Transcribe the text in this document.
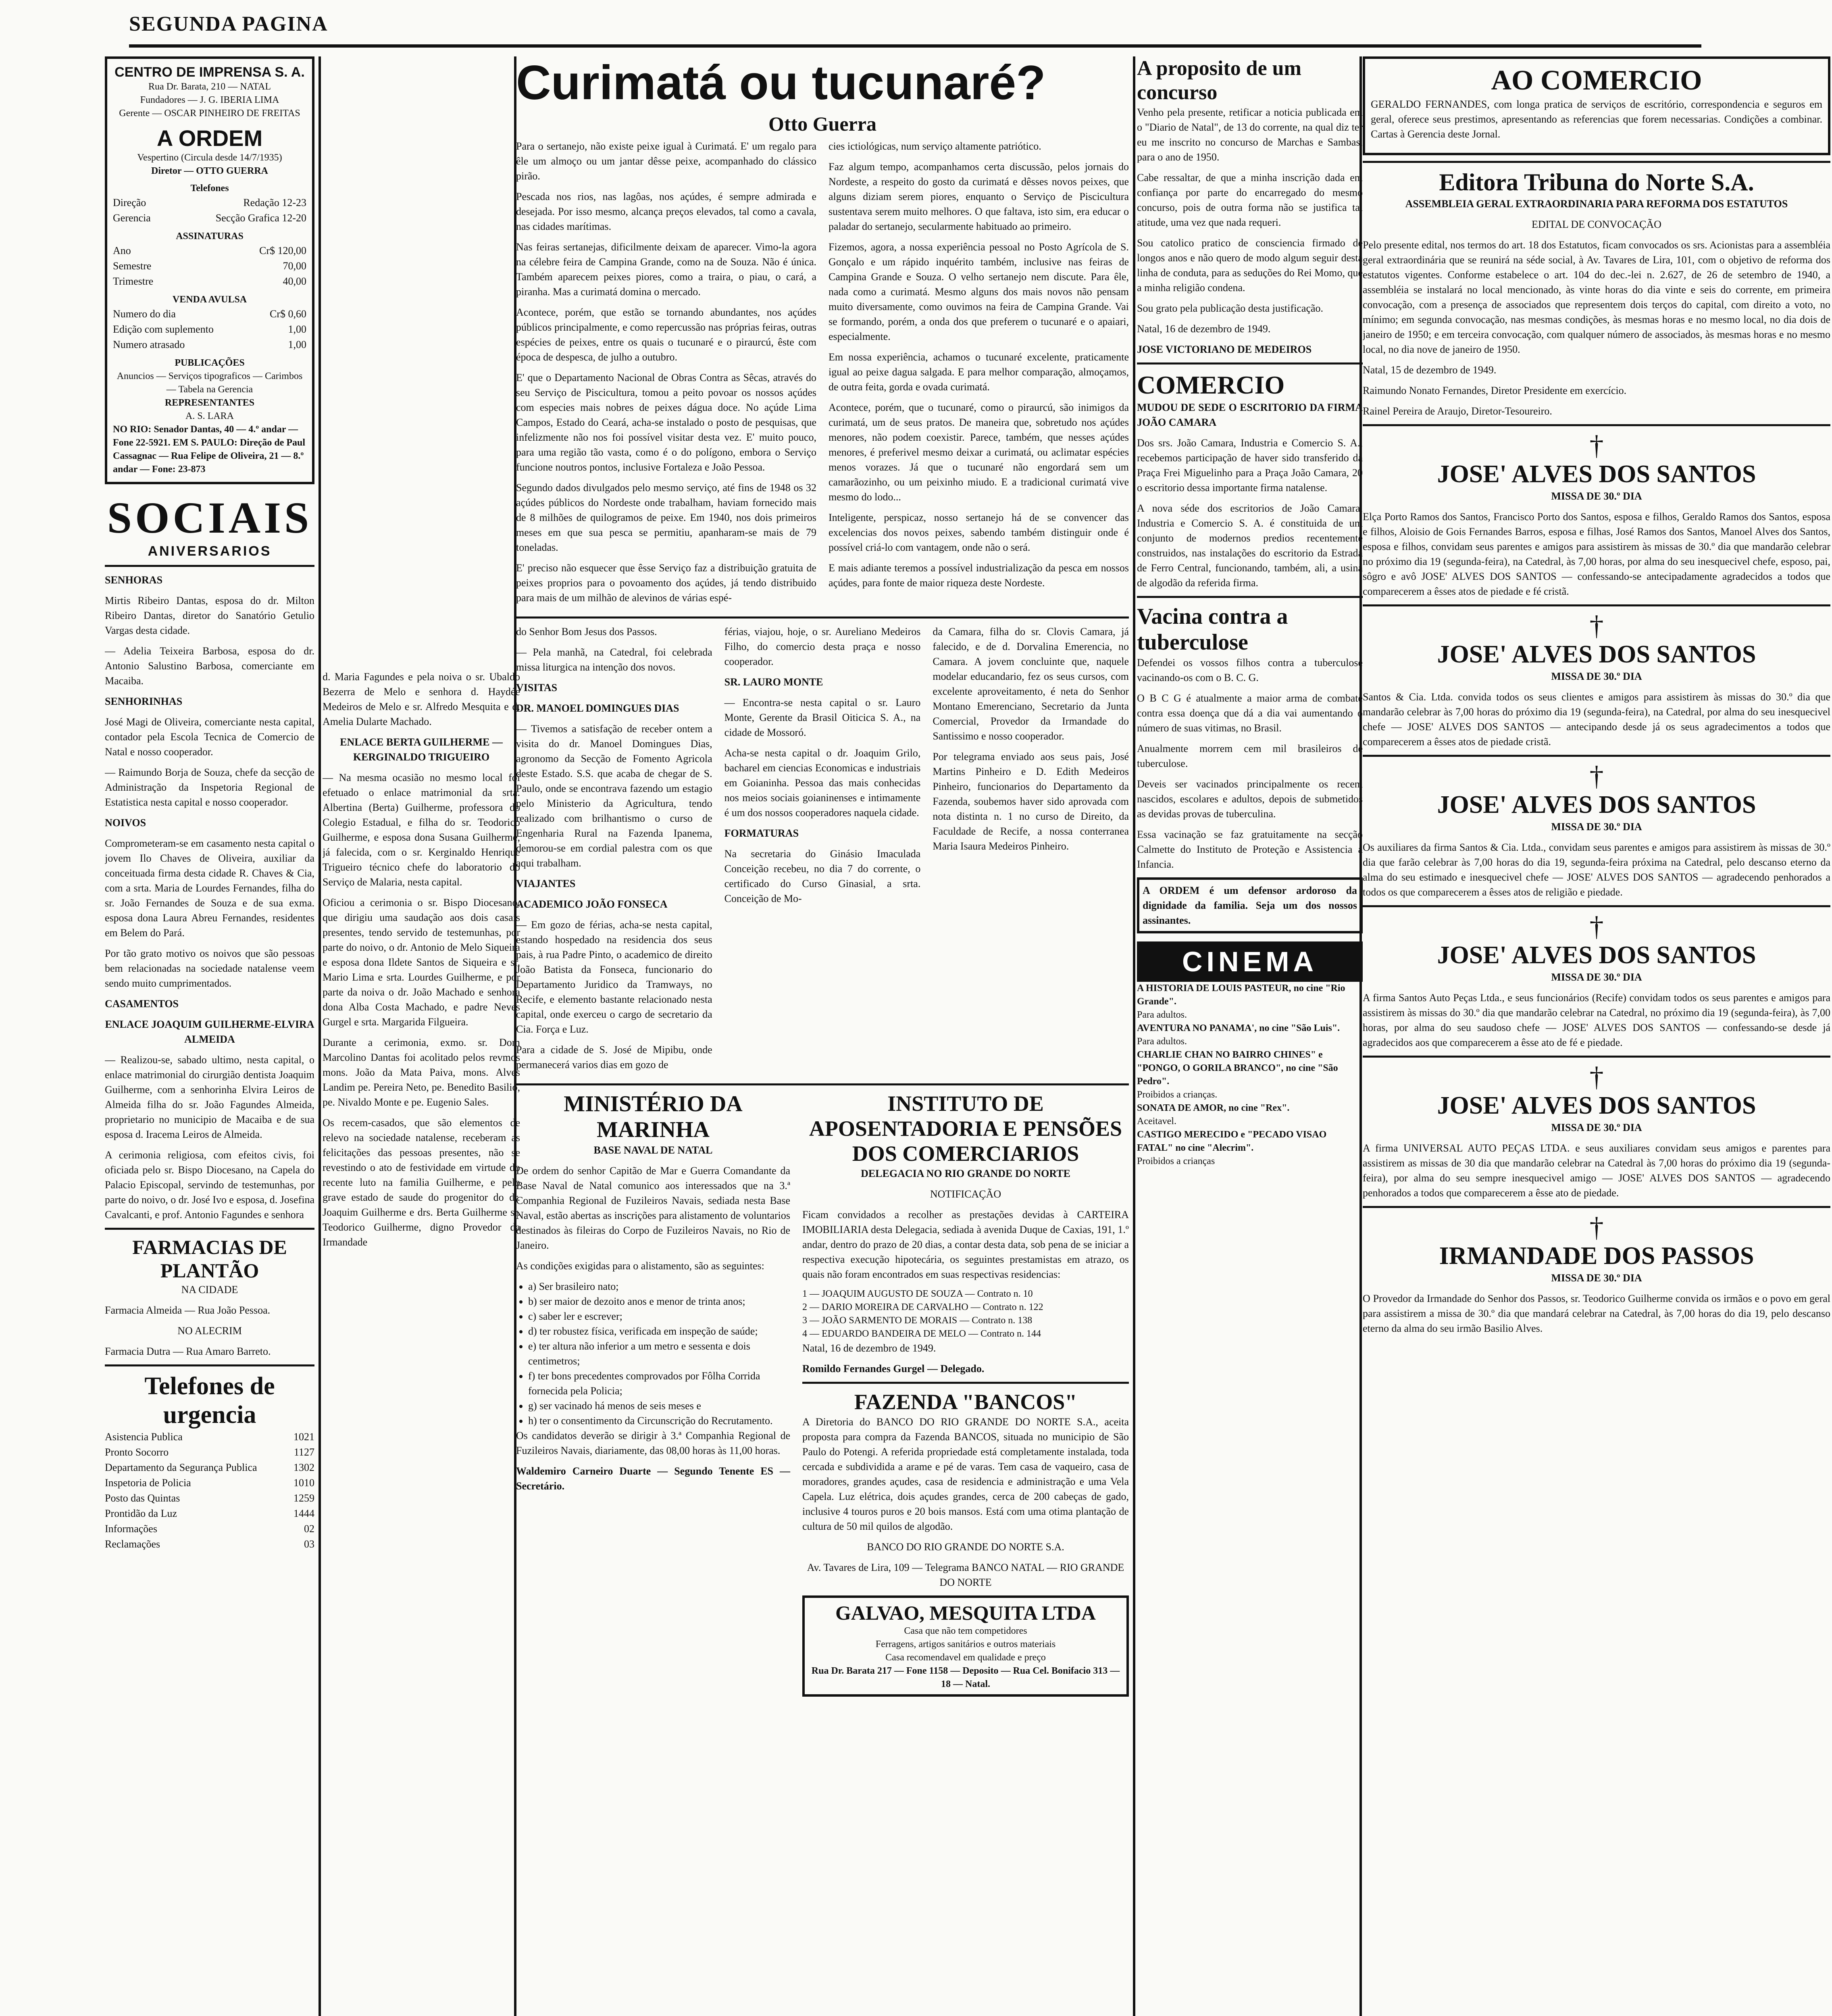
SEGUNDA PAGINA

CENTRO DE IMPRENSA S. A.

Rua Dr. Barata, 210 — NATAL

Fundadores — J. G. IBERIA LIMA

Gerente — OSCAR PINHEIRO DE FREITAS

A ORDEM

Vespertino (Circula desde 14/7/1935)

Diretor — OTTO GUERRA

Telefones

Direção	Redação 12-23
Gerencia	Secção Grafica 12-20

ASSINATURAS

Ano	Cr$ 120,00
Semestre	70,00
Trimestre	40,00

VENDA AVULSA

Numero do dia	Cr$ 0,60
Edição com suplemento	1,00
Numero atrasado	1,00

PUBLICAÇÕES

Anuncios — Serviços tipograficos — Carimbos — Tabela na Gerencia

REPRESENTANTES

A. S. LARA

NO RIO: Senador Dantas, 40 — 4.º andar — Fone 22-5921. EM S. PAULO: Direção de Paul Cassagnac — Rua Felipe de Oliveira, 21 — 8.º andar — Fone: 23-873

SOCIAIS

ANIVERSARIOS

SENHORAS

Mirtis Ribeiro Dantas, esposa do dr. Milton Ribeiro Dantas, diretor do Sanatório Getulio Vargas desta cidade.

— Adelia Teixeira Barbosa, esposa do dr. Antonio Salustino Barbosa, comerciante em Macaiba.

SENHORINHAS

José Magi de Oliveira, comerciante nesta capital, contador pela Escola Tecnica de Comercio de Natal e nosso cooperador.

— Raimundo Borja de Souza, chefe da secção de Administração da Inspetoria Regional de Estatistica nesta capital e nosso cooperador.

NOIVOS

Comprometeram-se em casamento nesta capital o jovem Ilo Chaves de Oliveira, auxiliar da conceituada firma desta cidade R. Chaves & Cia, com a srta. Maria de Lourdes Fernandes, filha do sr. João Fernandes de Souza e de sua exma. esposa dona Laura Abreu Fernandes, residentes em Belem do Pará.

Por tão grato motivo os noivos que são pessoas bem relacionadas na sociedade natalense veem sendo muito cumprimentados.

CASAMENTOS

ENLACE JOAQUIM GUILHERME-ELVIRA ALMEIDA

— Realizou-se, sabado ultimo, nesta capital, o enlace matrimonial do cirurgião dentista Joaquim Guilherme, com a senhorinha Elvira Leiros de Almeida filha do sr. João Fagundes Almeida, proprietario no municipio de Macaiba e de sua esposa d. Iracema Leiros de Almeida.

A cerimonia religiosa, com efeitos civis, foi oficiada pelo sr. Bispo Diocesano, na Capela do Palacio Episcopal, servindo de testemunhas, por parte do noivo, o dr. José Ivo e esposa, d. Josefina Cavalcanti, e prof. Antonio Fagundes e senhora

FARMACIAS DE PLANTÃO

NA CIDADE

Farmacia Almeida — Rua João Pessoa.

NO ALECRIM

Farmacia Dutra — Rua Amaro Barreto.

Telefones de urgencia

Asistencia Publica	1021
Pronto Socorro	1127
Departamento da Segurança Publica	1302
Inspetoria de Policia	1010
Posto das Quintas	1259
Prontidão da Luz	1444
Informações	02
Reclamações	03

d. Maria Fagundes e pela noiva o sr. Ubaldo Bezerra de Melo e senhora d. Haydée Medeiros de Melo e sr. Alfredo Mesquita e d. Amelia Dularte Machado.

ENLACE BERTA GUILHERME — KERGINALDO TRIGUEIRO

— Na mesma ocasião no mesmo local foi efetuado o enlace matrimonial da srta. Albertina (Berta) Guilherme, professora do Colegio Estadual, e filha do sr. Teodorico Guilherme, e esposa dona Susana Guilherme, já falecida, com o sr. Kerginaldo Henrique Trigueiro técnico chefe do laboratorio do Serviço de Malaria, nesta capital.

Oficiou a cerimonia o sr. Bispo Diocesano, que dirigiu uma saudação aos dois casais presentes, tendo servido de testemunhas, por parte do noivo, o dr. Antonio de Melo Siqueira e esposa dona Ildete Santos de Siqueira e sr. Mario Lima e srta. Lourdes Guilherme, e por parte da noiva o dr. João Machado e senhora dona Alba Costa Machado, e padre Neves Gurgel e srta. Margarida Filgueira.

Durante a cerimonia, exmo. sr. Dom Marcolino Dantas foi acolitado pelos revmos mons. João da Mata Paiva, mons. Alves Landim pe. Pereira Neto, pe. Benedito Basilio, pe. Nivaldo Monte e pe. Eugenio Sales.

Os recem-casados, que são elementos de relevo na sociedade natalense, receberam as felicitações das pessoas presentes, não se revestindo o ato de festividade em virtude do recente luto na familia Guilherme, e pelo grave estado de saude do progenitor do dr. Joaquim Guilherme e drs. Berta Guilherme sr. Teodorico Guilherme, digno Provedor da Irmandade

Curimatá ou tucunaré?

Otto Guerra

Para o sertanejo, não existe peixe igual à Curimatá. E' um regalo para êle um almoço ou um jantar dêsse peixe, acompanhado do clássico pirão.

Pescada nos rios, nas lagôas, nos açúdes, é sempre admirada e desejada. Por isso mesmo, alcança preços elevados, tal como a cavala, nas cidades marítimas.

Nas feiras sertanejas, dificilmente deixam de aparecer. Vimo-la agora na célebre feira de Campina Grande, como na de Souza. Não é única. Também aparecem peixes piores, como a traira, o piau, o cará, a piranha. Mas a curimatá domina o mercado.

Acontece, porém, que estão se tornando abundantes, nos açúdes públicos principalmente, e como repercussão nas próprias feiras, outras espécies de peixes, entre os quais o tucunaré e o piraurcú, êste com época de despesca, de julho a outubro.

E' que o Departamento Nacional de Obras Contra as Sêcas, através do seu Serviço de Piscicultura, tomou a peito povoar os nossos açúdes com especies mais nobres de peixes dágua doce. No açúde Lima Campos, Estado do Ceará, acha-se instalado o posto de pesquisas, que infelizmente não nos foi possível visitar desta vez. E' muito pouco, para uma região tão vasta, como é o do polígono, embora o Serviço funcione noutros pontos, inclusive Fortaleza e João Pessoa.

Segundo dados divulgados pelo mesmo serviço, até fins de 1948 os 32 açúdes públicos do Nordeste onde trabalham, haviam fornecido mais de 8 milhões de quilogramos de peixe. Em 1940, nos dois primeiros meses em que sua pesca se permitiu, apanharam-se mais de 79 toneladas.

E' preciso não esquecer que êsse Serviço faz a distribuição gratuita de peixes proprios para o povoamento dos açúdes, já tendo distribuido para mais de um milhão de alevinos de várias espé-

cies ictiológicas, num serviço altamente patriótico.

Faz algum tempo, acompanhamos certa discussão, pelos jornais do Nordeste, a respeito do gosto da curimatá e dêsses novos peixes, que alguns diziam serem piores, enquanto o Serviço de Piscicultura sustentava serem muito melhores. O que faltava, isto sim, era educar o paladar do sertanejo, secularmente habituado ao primeiro.

Fizemos, agora, a nossa experiência pessoal no Posto Agrícola de S. Gonçalo e um rápido inquérito também, inclusive nas feiras de Campina Grande e Souza. O velho sertanejo nem discute. Para êle, nada como a curimatá. Mesmo alguns dos mais novos não pensam muito diversamente, como ouvimos na feira de Campina Grande. Vai se formando, porém, a onda dos que preferem o tucunaré e o apaiari, especialmente.

Em nossa experiência, achamos o tucunaré excelente, praticamente igual ao peixe dagua salgada. E para melhor comparação, almoçamos, de outra feita, gorda e ovada curimatá.

Acontece, porém, que o tucunaré, como o piraurcú, são inimigos da curimatá, um de seus pratos. De maneira que, sobretudo nos açúdes menores, não podem coexistir. Parece, também, que nesses açúdes menores, é preferivel mesmo deixar a curimatá, ou aclimatar espécies menos vorazes. Já que o tucunaré não engordará sem um camarãozinho, ou um peixinho miudo. E a tradicional curimatá vive mesmo do lodo...

Inteligente, perspicaz, nosso sertanejo há de se convencer das excelencias dos novos peixes, sabendo também distinguir onde é possível criá-lo com vantagem, onde não o será.

E mais adiante teremos a possível industrialização da pesca em nossos açúdes, para fonte de maior riqueza deste Nordeste.

do Senhor Bom Jesus dos Passos.

— Pela manhã, na Catedral, foi celebrada missa liturgica na intenção dos novos.

VISITAS

DR. MANOEL DOMINGUES DIAS

— Tivemos a satisfação de receber ontem a visita do dr. Manoel Domingues Dias, agronomo da Secção de Fomento Agricola deste Estado. S.S. que acaba de chegar de S. Paulo, onde se encontrava fazendo um estagio pelo Ministerio da Agricultura, tendo realizado com brilhantismo o curso de Engenharia Rural na Fazenda Ipanema, demorou-se em cordial palestra com os que aqui trabalham.

VIAJANTES

ACADEMICO JOÃO FONSECA

— Em gozo de férias, acha-se nesta capital, estando hospedado na residencia dos seus pais, à rua Padre Pinto, o academico de direito João Batista da Fonseca, funcionario do Departamento Juridico da Tramways, no Recife, e elemento bastante relacionado nesta capital, onde exerceu o cargo de secretario da Cia. Força e Luz.

Para a cidade de S. José de Mipibu, onde permanecerá varios dias em gozo de

férias, viajou, hoje, o sr. Aureliano Medeiros Filho, do comercio desta praça e nosso cooperador.

SR. LAURO MONTE

— Encontra-se nesta capital o sr. Lauro Monte, Gerente da Brasil Oiticica S. A., na cidade de Mossoró.

Acha-se nesta capital o dr. Joaquim Grilo, bacharel em ciencias Economicas e industriais em Goianinha. Pessoa das mais conhecidas nos meios sociais goianinenses e intimamente é um dos nossos cooperadores naquela cidade.

FORMATURAS

Na secretaria do Ginásio Imaculada Conceição recebeu, no dia 7 do corrente, o certificado do Curso Ginasial, a srta. Conceição de Mo-

da Camara, filha do sr. Clovis Camara, já falecido, e de d. Dorvalina Emerencia, no Camara. A jovem concluinte que, naquele modelar educandario, fez os seus cursos, com excelente aproveitamento, é neta do Senhor Montano Emerenciano, Secretario da Junta Comercial, Provedor da Irmandade do Santissimo e nosso cooperador.

Por telegrama enviado aos seus pais, José Martins Pinheiro e D. Edith Medeiros Pinheiro, funcionarios do Departamento da Fazenda, soubemos haver sido aprovada com nota distinta n. 1 no curso de Direito, da Faculdade de Recife, a nossa conterranea Maria Isaura Medeiros Pinheiro.

MINISTÉRIO DA MARINHA

BASE NAVAL DE NATAL

De ordem do senhor Capitão de Mar e Guerra Comandante da Base Naval de Natal comunico aos interessados que na 3.ª Companhia Regional de Fuzileiros Navais, sediada nesta Base Naval, estão abertas as inscrições para alistamento de voluntarios destinados às fileiras do Corpo de Fuzileiros Navais, no Rio de Janeiro.

As condições exigidas para o alistamento, são as seguintes:

• a) Ser brasileiro nato;
• b) ser maior de dezoito anos e menor de trinta anos;
• c) saber ler e escrever;
• d) ter robustez física, verificada em inspeção de saúde;
• e) ter altura não inferior a um metro e sessenta e dois centimetros;
• f) ter bons precedentes comprovados por Fôlha Corrida fornecida pela Policia;
• g) ser vacinado há menos de seis meses e
• h) ter o consentimento da Circunscrição do Recrutamento.

Os candidatos deverão se dirigir à 3.ª Companhia Regional de Fuzileiros Navais, diariamente, das 08,00 horas às 11,00 horas.

Waldemiro Carneiro Duarte — Segundo Tenente ES — Secretário.

INSTITUTO DE APOSENTADORIA E PENSÕES DOS COMERCIARIOS

DELEGACIA NO RIO GRANDE DO NORTE

NOTIFICAÇÃO

Ficam convidados a recolher as prestações devidas à CARTEIRA IMOBILIARIA desta Delegacia, sediada à avenida Duque de Caxias, 191, 1.º andar, dentro do prazo de 20 dias, a contar desta data, sob pena de se iniciar a respectiva execução hipotecária, os seguintes prestamistas em atrazo, os quais não foram encontrados em suas respectivas residencias:

1 — JOAQUIM AUGUSTO DE SOUZA — Contrato n. 10

2 — DARIO MOREIRA DE CARVALHO — Contrato n. 122

3 — JOÃO SARMENTO DE MORAIS — Contrato n. 138

4 — EDUARDO BANDEIRA DE MELO — Contrato n. 144

Natal, 16 de dezembro de 1949.

Romildo Fernandes Gurgel — Delegado.

FAZENDA "BANCOS"

A Diretoria do BANCO DO RIO GRANDE DO NORTE S.A., aceita proposta para compra da Fazenda BANCOS, situada no municipio de São Paulo do Potengi. A referida propriedade está completamente instalada, toda cercada e subdividida a arame e pé de varas. Tem casa de vaqueiro, casa de moradores, grandes açudes, casa de residencia e administração e uma Vela Capela. Luz elétrica, dois açudes grandes, cerca de 200 cabeças de gado, inclusive 4 touros puros e 20 bois mansos. Está com uma otima plantação de cultura de 50 mil quilos de algodão.

BANCO DO RIO GRANDE DO NORTE S.A.

Av. Tavares de Lira, 109 — Telegrama BANCO NATAL — RIO GRANDE DO NORTE

GALVAO, MESQUITA LTDA

Casa que não tem competidores

Ferragens, artigos sanitários e outros materiais

Casa recomendavel em qualidade e preço

Rua Dr. Barata 217 — Fone 1158 — Deposito — Rua Cel. Bonifacio 313 — 18 — Natal.

A proposito de um concurso

Venho pela presente, retificar a noticia publicada em o "Diario de Natal", de 13 do corrente, na qual diz ter eu me inscrito no concurso de Marchas e Sambas, para o ano de 1950.

Cabe ressaltar, de que a minha inscrição dada em confiança por parte do encarregado do mesmo concurso, pois de outra forma não se justifica tal atitude, uma vez que nada requeri.

Sou catolico pratico de consciencia firmado de longos anos e não quero de modo algum seguir desta linha de conduta, para as seduções do Rei Momo, que a minha religião condena.

Sou grato pela publicação desta justificação.

Natal, 16 de dezembro de 1949.

JOSE VICTORIANO DE MEDEIROS

COMERCIO

MUDOU DE SEDE O ESCRITORIO DA FIRMA JOÃO CAMARA

Dos srs. João Camara, Industria e Comercio S. A., recebemos participação de haver sido transferido da Praça Frei Miguelinho para a Praça João Camara, 20 o escritorio dessa importante firma natalense.

A nova séde dos escritorios de João Camara, Industria e Comercio S. A. é constituida de um conjunto de modernos predios recentemente construidos, nas instalações do escritorio da Estrada de Ferro Central, funcionando, também, ali, a usina de algodão da referida firma.

Vacina contra a tuberculose

Defendei os vossos filhos contra a tuberculose vacinando-os com o B. C. G.

O B C G é atualmente a maior arma de combate contra essa doença que dá a dia vai aumentando o número de suas vitimas, no Brasil.

Anualmente morrem cem mil brasileiros de tuberculose.

Deveis ser vacinados principalmente os recem nascidos, escolares e adultos, depois de submetidos as devidas provas de tuberculina.

Essa vacinação se faz gratuitamente na secção Calmette do Instituto de Proteção e Assistencia a Infancia.

A ORDEM é um defensor ardoroso da dignidade da familia. Seja um dos nossos assinantes.

CINEMA

A HISTORIA DE LOUIS PASTEUR, no cine "Rio Grande".

Para adultos.

AVENTURA NO PANAMA', no cine "São Luis".

Para adultos.

CHARLIE CHAN NO BAIRRO CHINES" e "PONGO, O GORILA BRANCO", no cine "São Pedro".

Proibidos a crianças.

SONATA DE AMOR, no cine "Rex".

Aceitavel.

CASTIGO MERECIDO e "PECADO VISAO FATAL" no cine "Alecrim".

Proibidos a crianças

AO COMERCIO

GERALDO FERNANDES, com longa pratica de serviços de escritório, correspondencia e seguros em geral, oferece seus prestimos, apresentando as referencias que forem necessarias. Condições a combinar. Cartas à Gerencia deste Jornal.

Editora Tribuna do Norte S.A.

ASSEMBLEIA GERAL EXTRAORDINARIA PARA REFORMA DOS ESTATUTOS

EDITAL DE CONVOCAÇÃO

Pelo presente edital, nos termos do art. 18 dos Estatutos, ficam convocados os srs. Acionistas para a assembléia geral extraordinária que se reunirá na séde social, à Av. Tavares de Lira, 101, com o objetivo de reforma dos estatutos vigentes. Conforme estabelece o art. 104 do dec.-lei n. 2.627, de 26 de setembro de 1940, a assembléia se instalará no local mencionado, às vinte horas do dia vinte e seis do corrente, em primeira convocação, com a presença de associados que representem dois terços do capital, com direito a voto, no mínimo; em segunda convocação, nas mesmas condições, às mesmas horas e no mesmo local, no dia dois de janeiro de 1950; e em terceira convocação, com qualquer número de associados, às mesmas horas e no mesmo local, no dia nove de janeiro de 1950.

Natal, 15 de dezembro de 1949.

Raimundo Nonato Fernandes, Diretor Presidente em exercício.

Rainel Pereira de Araujo, Diretor-Tesoureiro.

†

JOSE' ALVES DOS SANTOS

MISSA DE 30.º DIA

Elça Porto Ramos dos Santos, Francisco Porto dos Santos, esposa e filhos, Geraldo Ramos dos Santos, esposa e filhos, Aloisio de Gois Fernandes Barros, esposa e filhas, José Ramos dos Santos, Manoel Alves dos Santos, esposa e filhos, convidam seus parentes e amigos para assistirem às missas de 30.º dia que mandarão celebrar no próximo dia 19 (segunda-feira), na Catedral, às 7,00 horas, por alma do seu inesquecivel chefe, esposo, pai, sôgro e avô JOSE' ALVES DOS SANTOS — confessando-se antecipadamente agradecidos a todos que comparecerem a êsses atos de piedade e fé cristã.

†

JOSE' ALVES DOS SANTOS

MISSA DE 30.º DIA

Santos & Cia. Ltda. convida todos os seus clientes e amigos para assistirem às missas do 30.º dia que mandarão celebrar às 7,00 horas do próximo dia 19 (segunda-feira), na Catedral, por alma do seu inesquecivel chefe — JOSE' ALVES DOS SANTOS — antecipando desde já os seus agradecimentos a todos que comparecerem a êsses atos de piedade cristã.

†

JOSE' ALVES DOS SANTOS

MISSA DE 30.º DIA

Os auxiliares da firma Santos & Cia. Ltda., convidam seus parentes e amigos para assistirem às missas de 30.º dia que farão celebrar às 7,00 horas do dia 19, segunda-feira próxima na Catedral, pelo descanso eterno da alma do seu estimado e inesquecivel chefe — JOSE' ALVES DOS SANTOS — agradecendo penhorados a todos os que comparecerem a êsses atos de religião e piedade.

†

JOSE' ALVES DOS SANTOS

MISSA DE 30.º DIA

A firma Santos Auto Peças Ltda., e seus funcionários (Recife) convidam todos os seus parentes e amigos para assistirem às missas do 30.º dia que mandarão celebrar na Catedral, no próximo dia 19 (segunda-feira), às 7,00 horas, por alma do seu saudoso chefe — JOSE' ALVES DOS SANTOS — confessando-se desde já agradecidos aos que comparecerem a êsse ato de fé e piedade.

†

JOSE' ALVES DOS SANTOS

MISSA DE 30.º DIA

A firma UNIVERSAL AUTO PEÇAS LTDA. e seus auxiliares convidam seus amigos e parentes para assistirem as missas de 30 dia que mandarão celebrar na Catedral às 7,00 horas do próximo dia 19 (segunda-feira), por alma do seu sempre inesquecivel amigo — JOSE' ALVES DOS SANTOS — agradecendo penhorados a todos que comparecerem a êsse ato de piedade.

†

IRMANDADE DOS PASSOS

MISSA DE 30.º DIA

O Provedor da Irmandade do Senhor dos Passos, sr. Teodorico Guilherme convida os irmãos e o povo em geral para assistirem a missa de 30.º dia que mandará celebrar na Catedral, às 7,00 horas do dia 19, pelo descanso eterno da alma do seu irmão Basilio Alves.
